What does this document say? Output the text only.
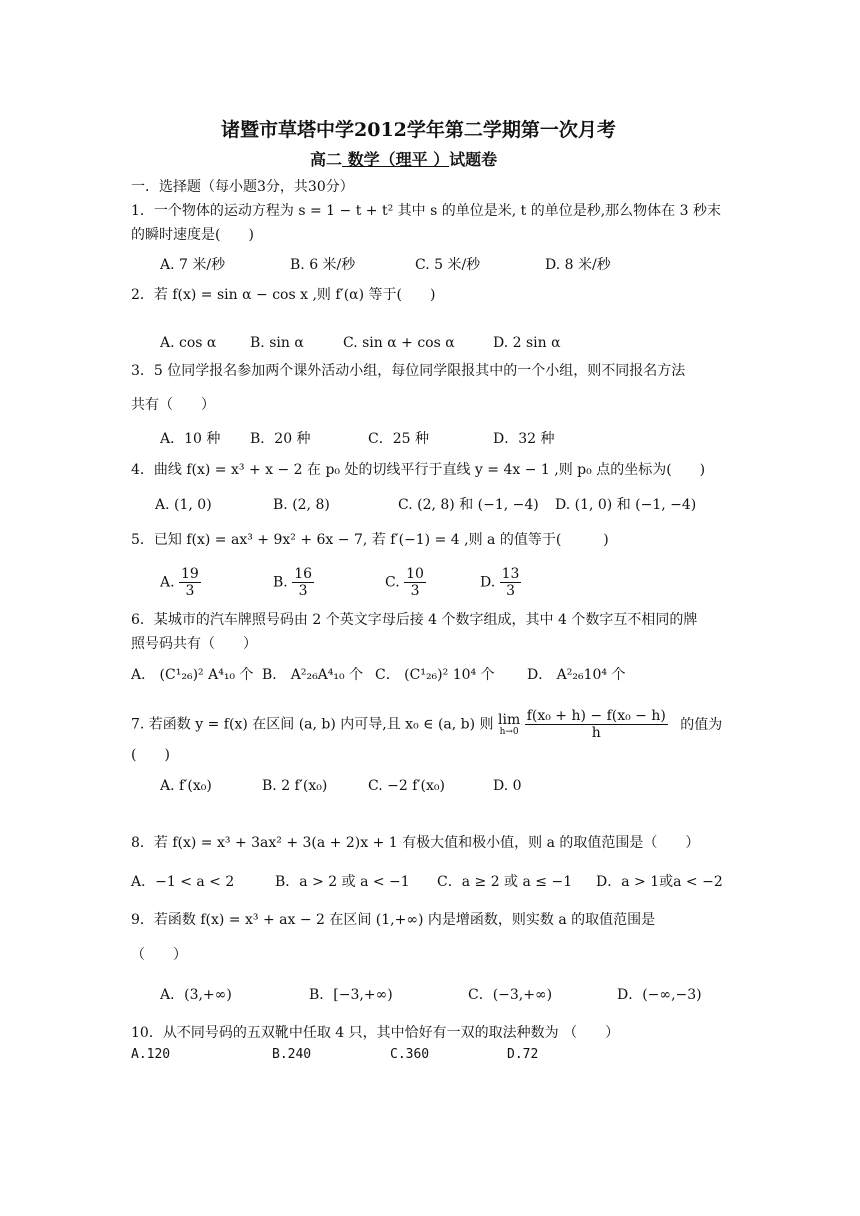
诸暨市草塔中学2012学年第二学期第一次月考
高二 数学（理平 ）试题卷
一．选择题（每小题3分，共30分）
1．一个物体的运动方程为 s = 1 − t + t² 其中 s 的单位是米, t 的单位是秒,那么物体在 3 秒末
的瞬时速度是(　　)
A. 7 米/秒	B. 6 米/秒	C. 5 米/秒	D. 8 米/秒
2．若 f(x) = sin α − cos x ,则 f′(α) 等于(　　)
A. cos α B. sin α	C. sin α + cos α	D. 2 sin α
3．5 位同学报名参加两个课外活动小组，每位同学限报其中的一个小组，则不同报名方法
共有（　　）
A．10 种 B．20 种	C．25 种	D．32 种
4．曲线 f(x) = x³ + x − 2 在 p₀ 处的切线平行于直线 y = 4x − 1 ,则 p₀ 点的坐标为(　　)
A. (1, 0)	B. (2, 8)	C. (2, 8) 和 (−1, −4) D. (1, 0) 和 (−1, −4)
5．已知 f(x) = ax³ + 9x² + 6x − 7, 若 f′(−1) = 4 ,则 a 的值等于(　　　)
A. $\frac{19}{3}$	B. $\frac{16}{3}$	C. $\frac{10}{3}$	D. $\frac{13}{3}$
6．某城市的汽车牌照号码由 2 个英文字母后接 4 个数字组成，其中 4 个数字互不相同的牌
照号码共有（　　）
A． (C¹₂₆)² A⁴₁₀ 个 B． A²₂₆A⁴₁₀ 个 C． (C¹₂₆)² 10⁴ 个 D． A²₂₆10⁴ 个
7. 若函数 y = f(x) 在区间 (a, b) 内可导,且 x₀ ∈ (a, b) 则 lim
h→0
$\frac{\text{f(x₀ + h) − f(x₀ − h)}}{h}$ 的值为
(　　)
A. f′(x₀)	B. 2 f′(x₀)	C. −2 f′(x₀)	D. 0
8．若 f(x) = x³ + 3ax² + 3(a + 2)x + 1 有极大值和极小值，则 a 的取值范围是（　　）
A．−1 < a < 2	B．a > 2 或 a < −1 C．a ≥ 2 或 a ≤ −1 D．a > 1或a < −2
9．若函数 f(x) = x³ + ax − 2 在区间 (1,+∞) 内是增函数，则实数 a 的取值范围是
（　　）
A．(3,+∞)	B．[−3,+∞)	C．(−3,+∞)	D．(−∞,−3)
10．从不同号码的五双靴中任取 4 只，其中恰好有一双的取法种数为 （　　）
A.120	B.240	C.360	D.72
